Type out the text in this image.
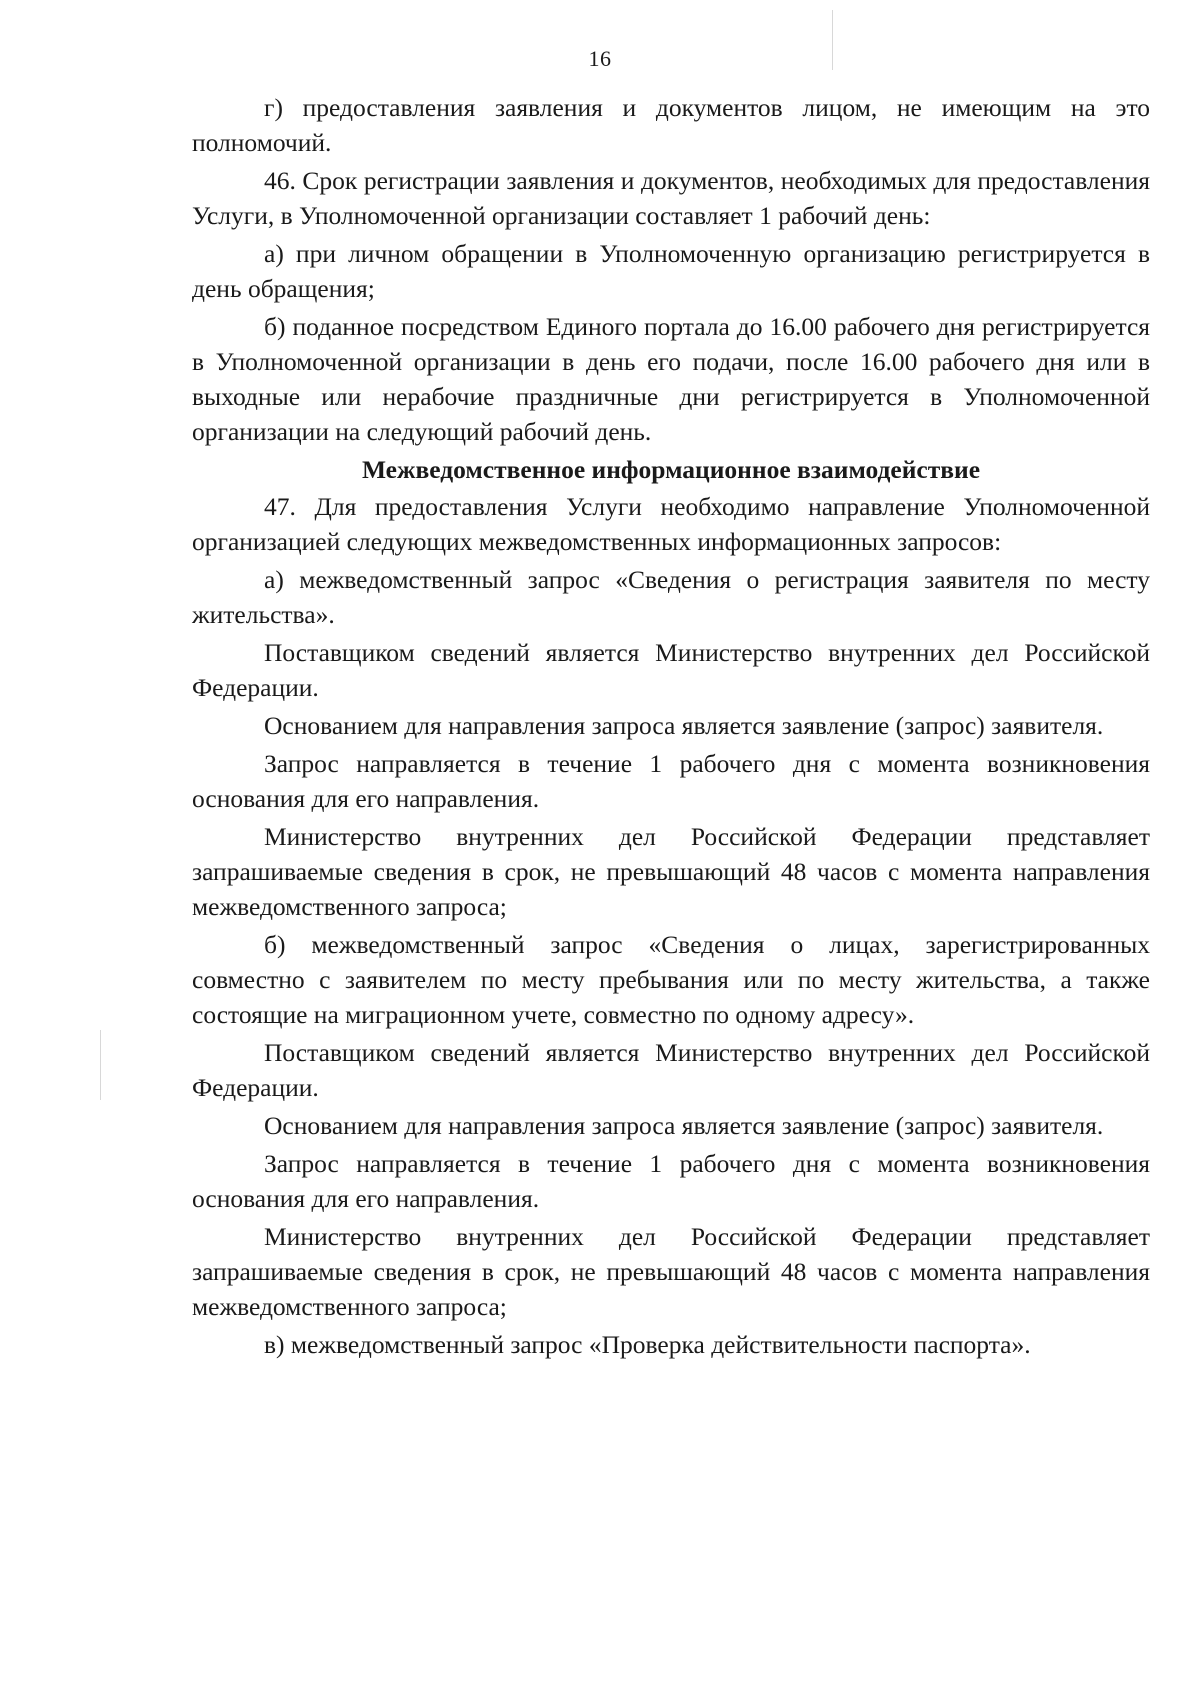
16

г) предоставления заявления и документов лицом, не имеющим на это полномочий.

46. Срок регистрации заявления и документов, необходимых для предоставления Услуги, в Уполномоченной организации составляет 1 рабочий день:

а) при личном обращении в Уполномоченную организацию регистрируется в день обращения;

б) поданное посредством Единого портала до 16.00 рабочего дня регистрируется в Уполномоченной организации в день его подачи, после 16.00 рабочего дня или в выходные или нерабочие праздничные дни регистрируется в Уполномоченной организации на следующий рабочий день.

Межведомственное информационное взаимодействие

47. Для предоставления Услуги необходимо направление Уполномоченной организацией следующих межведомственных информационных запросов:

а) межведомственный запрос «Сведения о регистрация заявителя по месту жительства».

Поставщиком сведений является Министерство внутренних дел Российской Федерации.

Основанием для направления запроса является заявление (запрос) заявителя.

Запрос направляется в течение 1 рабочего дня с момента возникновения основания для его направления.

Министерство внутренних дел Российской Федерации представляет запрашиваемые сведения в срок, не превышающий 48 часов с момента направления межведомственного запроса;

б) межведомственный запрос «Сведения о лицах, зарегистрированных совместно с заявителем по месту пребывания или по месту жительства, а также состоящие на миграционном учете, совместно по одному адресу».

Поставщиком сведений является Министерство внутренних дел Российской Федерации.

Основанием для направления запроса является заявление (запрос) заявителя.

Запрос направляется в течение 1 рабочего дня с момента возникновения основания для его направления.

Министерство внутренних дел Российской Федерации представляет запрашиваемые сведения в срок, не превышающий 48 часов с момента направления межведомственного запроса;

в) межведомственный запрос «Проверка действительности паспорта».
